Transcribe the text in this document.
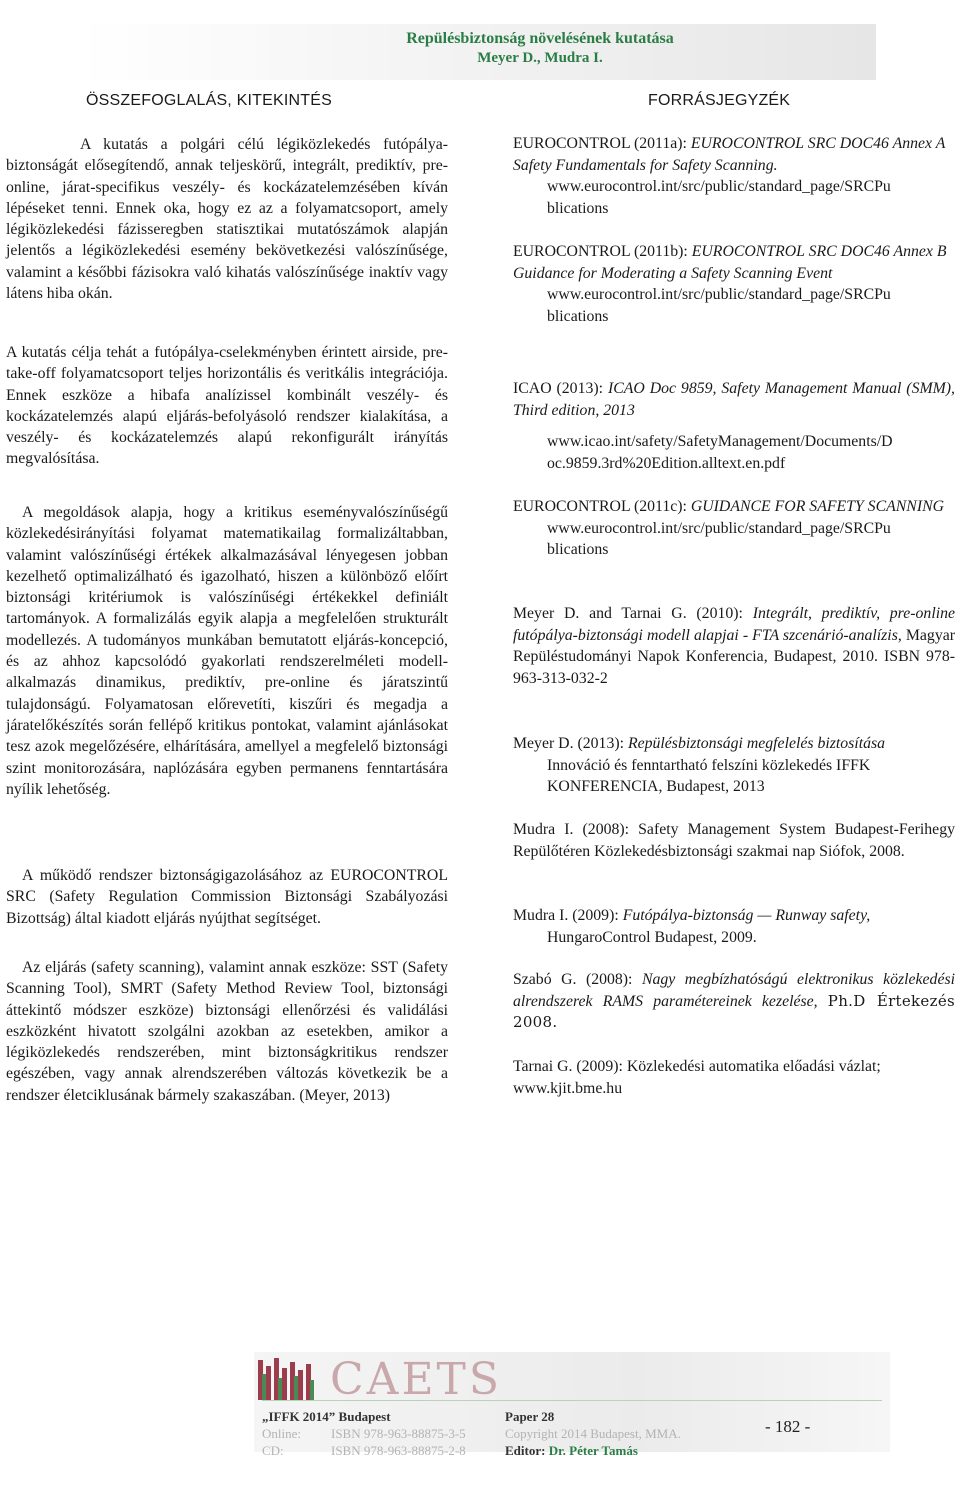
Repülésbiztonság növelésének kutatása
Meyer D., Mudra I.
ÖSSZEFOGLALÁS, KITEKINTÉS	FORRÁSJEGYZÉK

A kutatás a polgári célú légiközlekedés futópálya-biztonságát elősegítendő, annak teljeskörű, integrált, prediktív, pre-online, járat-specifikus veszély- és kockázatelemzésében kíván lépéseket tenni. Ennek oka, hogy ez az a folyamatcsoport, amely légiközlekedési fázisseregben statisztikai mutatószámok alapján jelentős a légiközlekedési esemény bekövetkezési valószínűsége, valamint a későbbi fázisokra való kihatás valószínűsége inaktív vagy látens hiba okán.

A kutatás célja tehát a futópálya-cselekményben érintett airside, pre-take-off folyamatcsoport teljes horizontális és veritkális integrációja. Ennek eszköze a hibafa analízissel kombinált veszély- és kockázatelemzés alapú eljárás-befolyásoló rendszer kialakítása, a veszély- és kockázatelemzés alapú rekonfigurált irányítás megvalósítása.

A megoldások alapja, hogy a kritikus eseményvalószínűségű közlekedésirányítási folyamat matematikailag formalizáltabban, valamint valószínűségi értékek alkalmazásával lényegesen jobban kezelhető optimalizálható és igazolható, hiszen a különböző előírt biztonsági kritériumok is valószínűségi értékekkel definiált tartományok. A formalizálás egyik alapja a megfelelően strukturált modellezés. A tudományos munkában bemutatott eljárás-koncepció, és az ahhoz kapcsolódó gyakorlati rendszerelméleti modell-alkalmazás dinamikus, prediktív, pre-online és járatszintű tulajdonságú. Folyamatosan előrevetíti, kiszűri és megadja a járatelőkészítés során fellépő kritikus pontokat, valamint ajánlásokat tesz azok megelőzésére, elhárítására, amellyel a megfelelő biztonsági szint monitorozására, naplózására egyben permanens fenntartására nyílik lehetőség.

A működő rendszer biztonságigazolásához az EUROCONTROL SRC (Safety Regulation Commission Biztonsági Szabályozási Bizottság) által kiadott eljárás nyújthat segítséget.

Az eljárás (safety scanning), valamint annak eszköze: SST (Safety Scanning Tool), SMRT (Safety Method Review Tool, biztonsági áttekintő módszer eszköze) biztonsági ellenőrzési és validálási eszközként hivatott szolgálni azokban az esetekben, amikor a légiközlekedés rendszerében, mint biztonságkritikus rendszer egészében, vagy annak alrendszerében változás következik be a rendszer életciklusának bármely szakaszában. (Meyer, 2013)

EUROCONTROL (2011a): EUROCONTROL SRC DOC46 Annex A Safety Fundamentals for Safety Scanning.
www.eurocontrol.int/src/public/standard_page/SRCPu blications
EUROCONTROL (2011b): EUROCONTROL SRC DOC46 Annex B Guidance for Moderating a Safety Scanning Event
www.eurocontrol.int/src/public/standard_page/SRCPu blications
ICAO (2013): ICAO Doc 9859, Safety Management Manual (SMM), Third edition, 2013
www.icao.int/safety/SafetyManagement/Documents/D oc.9859.3rd%20Edition.alltext.en.pdf
EUROCONTROL (2011c): GUIDANCE FOR SAFETY SCANNING
www.eurocontrol.int/src/public/standard_page/SRCPu blications
Meyer D. and Tarnai G. (2010): Integrált, prediktív, pre-online futópálya-biztonsági modell alapjai - FTA szcenárió-analízis, Magyar Repüléstudományi Napok Konferencia, Budapest, 2010. ISBN 978-963-313-032-2
Meyer D. (2013): Repülésbiztonsági megfelelés biztosítása
Innováció és fenntartható felszíni közlekedés IFFK KONFERENCIA, Budapest, 2013
Mudra I. (2008): Safety Management System Budapest-Ferihegy Repülőtéren Közlekedésbiztonsági szakmai nap Siófok, 2008.
Mudra I. (2009): Futópálya-biztonság — Runway safety,
HungaroControl Budapest, 2009.
Szabó G. (2008): Nagy megbízhatóságú elektronikus közlekedési alrendszerek RAMS paramétereinek kezelése, Ph.D Értekezés 2008.
Tarnai G. (2009): Közlekedési automatika előadási vázlat; www.kjit.bme.hu
CAETS
„IFFK 2014” Budapest
Online: ISBN 978-963-88875-3-5
CD:	ISBN 978-963-88875-2-8
Paper 28
Copyright 2014 Budapest, MMA.
Editor: Dr. Péter Tamás
- 182 -
